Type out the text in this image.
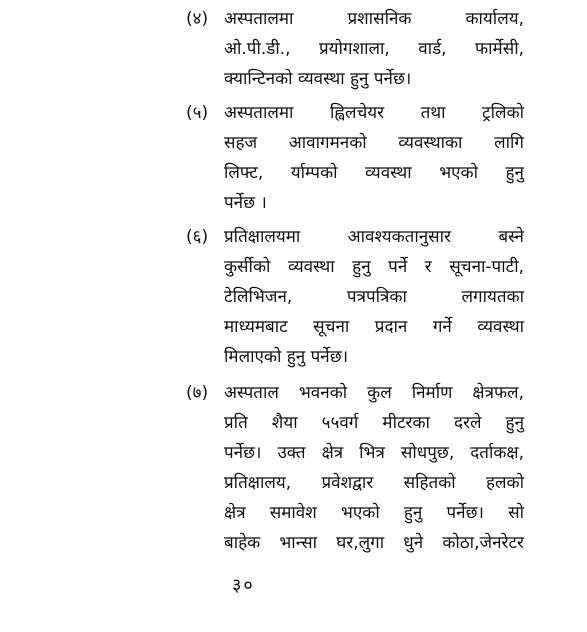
(४) अस्पतालमा प्रशासनिक कार्यालय,
ओ.पी.डी., प्रयोगशाला, वार्ड, फार्मेसी,
क्यान्टिनको व्यवस्था हुनु पर्नेछ।
(५) अस्पतालमा ह्विलचेयर तथा ट्रलिको
सहज आवागमनको व्यवस्थाका लागि
लिफ्ट, र्याम्पको व्यवस्था भएको हुनु
पर्नेछ ।
(६) प्रतिक्षालयमा आवश्यकतानुसार बस्ने
कुर्सीको व्यवस्था हुनु पर्ने र सूचना-पाटी,
टेलिभिजन, पत्रपत्रिका लगायतका
माध्यमबाट सूचना प्रदान गर्ने व्यवस्था
मिलाएको हुनु पर्नेछ।
(७) अस्पताल भवनको कुल निर्माण क्षेत्रफल,
प्रति शैया ५५वर्ग मीटरका दरले हुनु
पर्नेछ। उक्त क्षेत्र भित्र सोधपुछ, दर्ताकक्ष,
प्रतिक्षालय, प्रवेशद्वार सहितको हलको
क्षेत्र समावेश भएको हुनु पर्नेछ। सो
बाहेक भान्सा घर,लुगा धुने कोठा,जेनरेटर
३०
